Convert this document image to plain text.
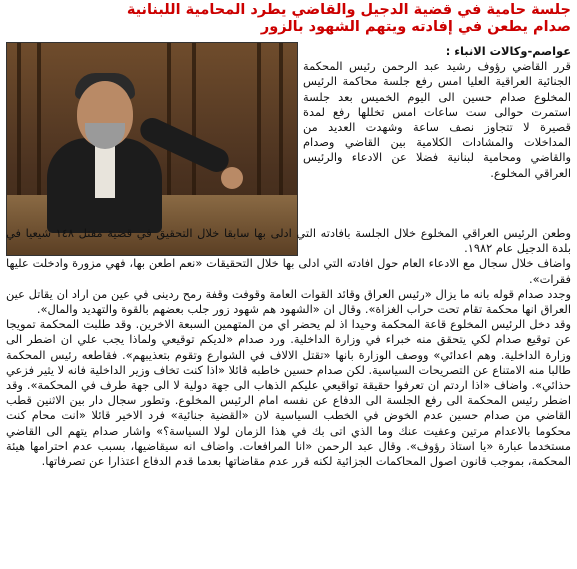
جلسة حامية في قضية الدجيل والقاضي يطرد المحامية اللبنانية
صدام يطعن في إفادته ويتهم الشهود بالزور

عواصم-وكالات الانباء :

قرر القاضي رؤوف رشيد عبد الرحمن رئيس المحكمة الجنائية العراقية العليا امس رفع جلسة محاكمة الرئيس المخلوع صدام حسين الى اليوم الخميس بعد جلسة استمرت حوالى ست ساعات امس تخللها رفع لمدة قصيرة لا تتجاوز نصف ساعة وشهدت العديد من المداخلات والمشادات الكلامية بين القاضي وصدام والقاضي ومحامية لبنانية فضلا عن الادعاء والرئيس العراقي المخلوع.

وطعن الرئيس العراقي المخلوع خلال الجلسة بافادته التي ادلى بها سابقا خلال التحقيق في قضية مقتل ١٤٨ شيعيا في بلدة الدجيل عام ١٩٨٢.

واضاف خلال سجال مع الادعاء العام حول افادته التي ادلى بها خلال التحقيقات «نعم اطعن بها، فهي مزورة وادخلت عليها فقرات».

وجدد صدام قوله بانه ما يزال «رئيس العراق وقائد القوات العامة وقوفت وقفة رمح ردينى في عين من اراد ان يقاتل عين العراق انها محكمة تقام تحت حراب الغزاة». وقال ان «الشهود هم شهود زور جلب بعضهم بالقوة والتهديد والمال».

وقد دخل الرئيس المخلوع قاعة المحكمة وحيدا اذ لم يحضر اي من المتهمين السبعة الاخرين. وقد طلبت المحكمة تمويجا عن توقيع صدام لكي يتحقق منه خبراء في وزارة الداخلية. ورد صدام «لديكم توقيعي ولماذا يجب علي ان اضطر الى وزارة الداخلية. وهم اعدائي» ووصف الوزارة بانها «تقتل الالاف في الشوارع وتقوم بتعذيبهم». فقاطعه رئيس المحكمة طالبا منه الامتناع عن التصريحات السياسية. لكن صدام حسين خاطبه قائلا «اذا كنت تخاف وزير الداخلية فانه لا يثير فزعي حذائي». واضاف «اذا اردتم ان تعرفوا حقيقة تواقيعي عليكم الذهاب الى جهة دولية لا الى جهة طرف في المحكمة». وقد اضطر رئيس المحكمة الى رفع الجلسة الى الدفاع عن نفسه امام الرئيس المخلوع. وتطور سجال دار بين الاثنين قطب القاضي من صدام حسين عدم الخوض في الخطب السياسية لان «القضية جنائية» فرد الاخير قائلا «انت محام كنت محكوما بالاعدام مرتين وعفيت عنك وما الذي اتى بك في هذا الزمان لولا السياسة؟» واشار صدام يتهم الى القاضي مستخدما عبارة «يا استاذ رؤوف». وقال عبد الرحمن «انا المرافعات. واضاف انه سيقاضيها، بسبب عدم احترامها هيئة المحكمة، بموجب قانون اصول المحاكمات الجزائية لكنه قرر عدم مقاضاتها بعدما قدم الدفاع اعتذارا عن تصرفاتها.
